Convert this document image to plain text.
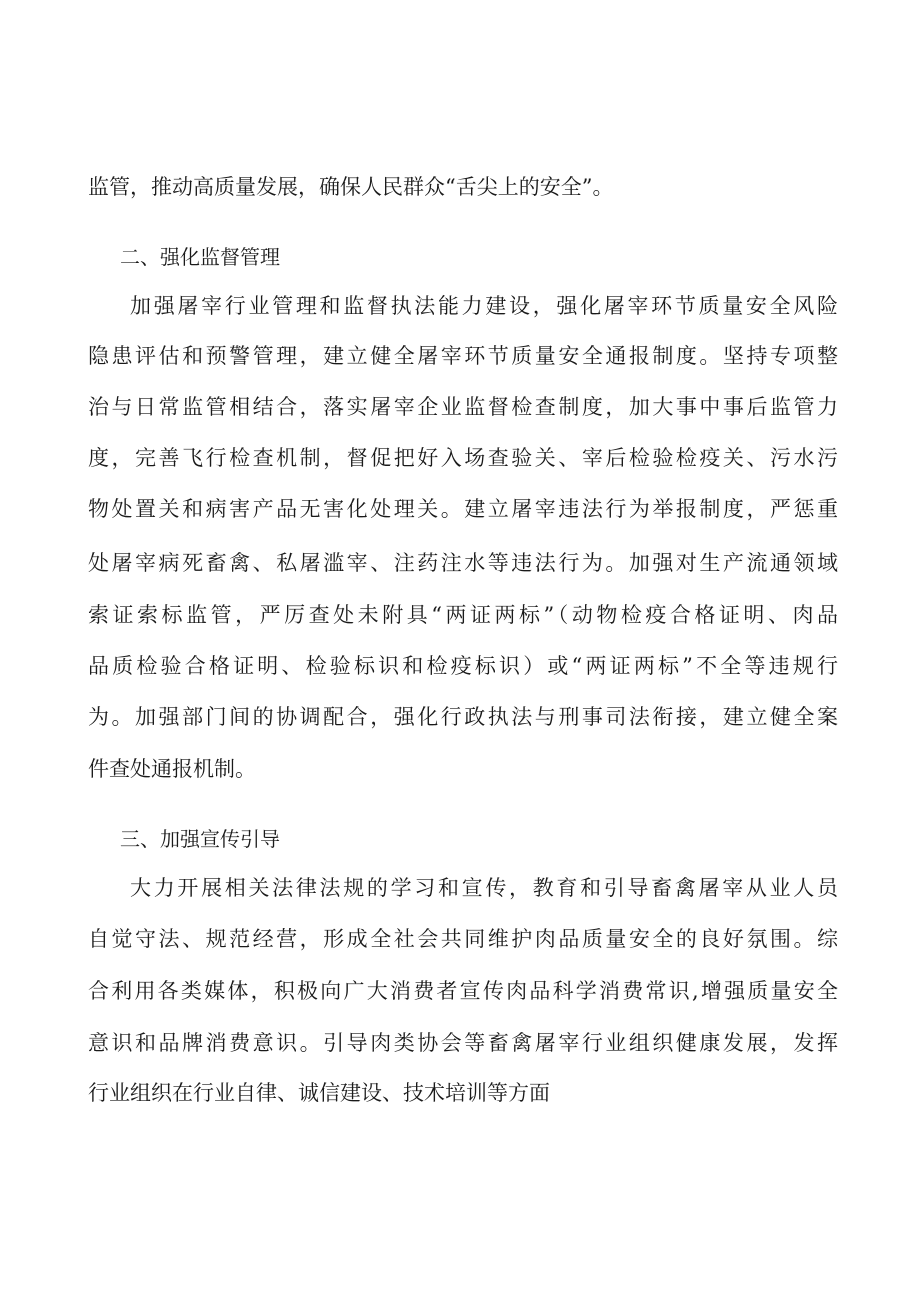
监管，推动高质量发展，确保人民群众“舌尖上的安全”。
二、强化监督管理
加强屠宰行业管理和监督执法能力建设，强化屠宰环节质量安全风险
隐患评估和预警管理，建立健全屠宰环节质量安全通报制度。坚持专项整
治与日常监管相结合，落实屠宰企业监督检查制度，加大事中事后监管力
度，完善飞行检查机制，督促把好入场查验关、宰后检验检疫关、污水污
物处置关和病害产品无害化处理关。建立屠宰违法行为举报制度，严惩重
处屠宰病死畜禽、私屠滥宰、注药注水等违法行为。加强对生产流通领域
索证索标监管，严厉查处未附具“两证两标”（动物检疫合格证明、肉品
品质检验合格证明、检验标识和检疫标识）或“两证两标”不全等违规行
为。加强部门间的协调配合，强化行政执法与刑事司法衔接，建立健全案
件查处通报机制。
三、加强宣传引导
大力开展相关法律法规的学习和宣传，教育和引导畜禽屠宰从业人员
自觉守法、规范经营，形成全社会共同维护肉品质量安全的良好氛围。综
合利用各类媒体，积极向广大消费者宣传肉品科学消费常识,增强质量安全
意识和品牌消费意识。引导肉类协会等畜禽屠宰行业组织健康发展，发挥
行业组织在行业自律、诚信建设、技术培训等方面
